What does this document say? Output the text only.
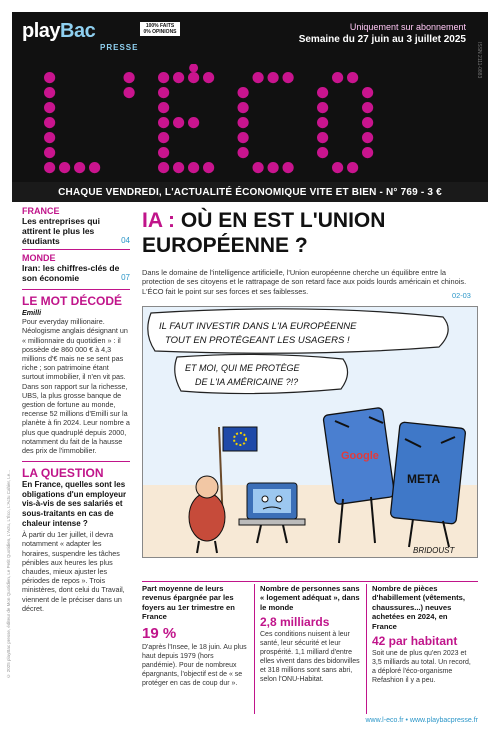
playBac
PRESSE
100% FAITS
0% OPINIONS	Uniquement sur abonnement
Semaine du 27 juin au 3 juillet 2025
ISSN 2111-0883
CHAQUE VENDREDI, L'ACTUALITÉ ÉCONOMIQUE VITE ET BIEN - N° 769 - 3 €
FRANCE
Les entreprises qui attirent le plus les étudiants	04
MONDE
Iran: les chiffres-clés de son économie	07
LE MOT DÉCODÉ
Emilli
Pour everyday millionaire. Néologisme anglais désignant un « millionnaire du quotidien » : il possède de 860 000 € à 4,3 millions d'€ mais ne se sent pas riche ; son patrimoine étant surtout immobilier, il n'en vit pas. Dans son rapport sur la richesse, UBS, la plus grosse banque de gestion de fortune au monde, recense 52 millions d'Emilli sur la planète à fin 2024. Leur nombre a plus que quadruplé depuis 2000, notamment du fait de la hausse des prix de l'immobilier.
LA QUESTION
En France, quelles sont les obligations d'un employeur vis-à-vis de ses salariés et sous-traitants en cas de chaleur intense ?
À partir du 1er juillet, il devra notamment « adapter les horaires, suspendre les tâches pénibles aux heures les plus chaudes, mieux ajuster les périodes de repos ». Trois ministères, dont celui du Travail, viennent de le préciser dans un décret.
© 2025 playBac presse, éditeur de Mon Quotidien, Le Petit Quotidien, L'Actu, L'Éco, L'Actu Cahier, Le...
IA : OÙ EN EST L'UNION EUROPÉENNE ?
Dans le domaine de l'intelligence artificielle, l'Union européenne cherche un équilibre entre la protection de ses citoyens et le rattrapage de son retard face aux poids lourds américain et chinois. L'ÉCO fait le point sur ses forces et ses faiblesses.	02-03
IL FAUT INVESTIR DANS L'IA EUROPÉENNE
TOUT EN PROTÉGEANT LES USAGERS !
ET MOI, QUI ME PROTÈGE
DE L'IA AMÉRICAINE ?!?
Google
META
BRIDOUST
Part moyenne de leurs revenus épargnée par les foyers au 1er trimestre en France
19 %
D'après l'Insee, le 18 juin. Au plus haut depuis 1979 (hors pandémie). Pour de nombreux épargnants, l'objectif est de « se protéger en cas de coup dur ».
Nombre de personnes sans « logement adéquat », dans le monde
2,8 milliards
Ces conditions nuisent à leur santé, leur sécurité et leur prospérité. 1,1 milliard d'entre elles vivent dans des bidonvilles et 318 millions sont sans abri, selon l'ONU-Habitat.
Nombre de pièces d'habillement (vêtements, chaussures...) neuves achetées en 2024, en France
42 par habitant
Soit une de plus qu'en 2023 et 3,5 milliards au total. Un record, a déploré l'éco-organisme Refashion il y a peu.
www.l-eco.fr • www.playbacpresse.fr
